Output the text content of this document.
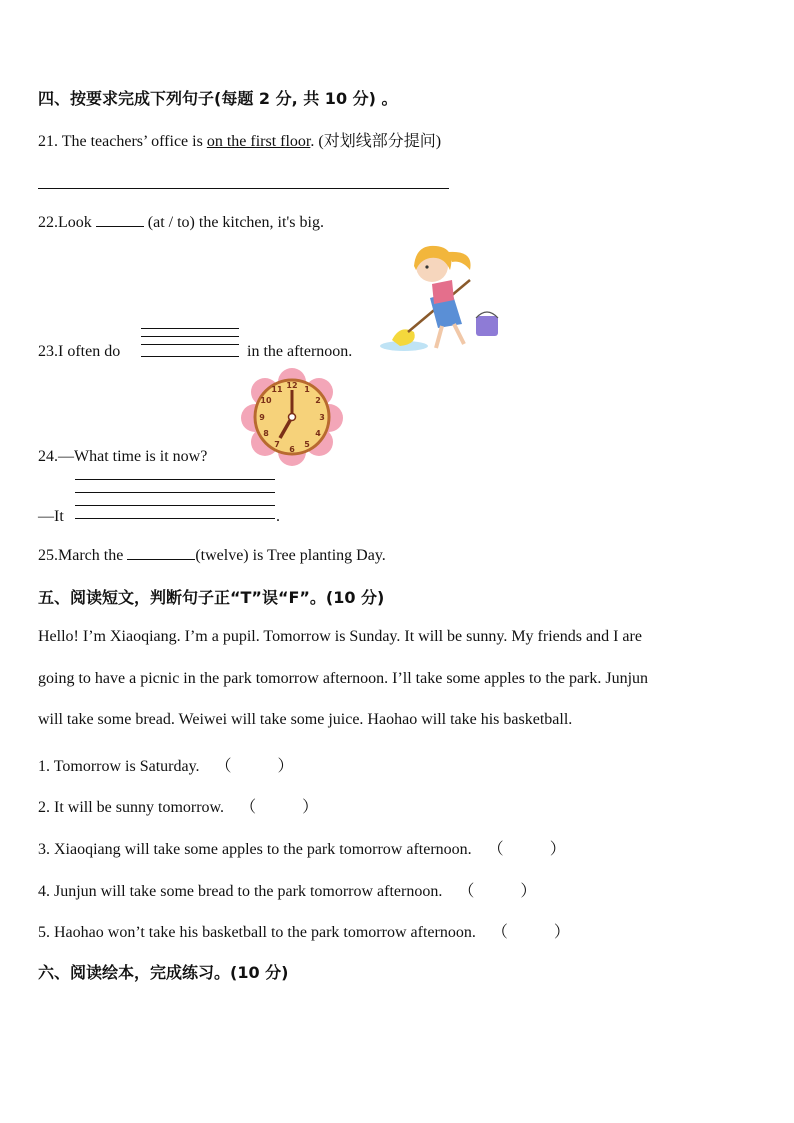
四、按要求完成下列句子(每题 2 分, 共 10 分) 。
21. The teachers’ office is on the first floor. (对划线部分提问)
22.Look	(at / to) the kitchen, it's big.
23.I often do	in the afternoon.
12 1
2
3
4
5
6
7
8
9
10
11
24.—What time is it now?
—It	.
25.March the	(twelve) is Tree planting Day.
五、阅读短文，判断句子正“T”误“F”。(10 分)
Hello! I’m Xiaoqiang. I’m a pupil. Tomorrow is Sunday. It will be sunny. My friends and I are
going to have a picnic in the park tomorrow afternoon. I’ll take some apples to the park. Junjun
will take some bread. Weiwei will take some juice. Haohao will take his basketball.
1. Tomorrow is Saturday. （	）
2. It will be sunny tomorrow. （	）
3. Xiaoqiang will take some apples to the park tomorrow afternoon. （	）
4. Junjun will take some bread to the park tomorrow afternoon. （	）
5. Haohao won’t take his basketball to the park tomorrow afternoon. （	）
六、阅读绘本，完成练习。(10 分)
